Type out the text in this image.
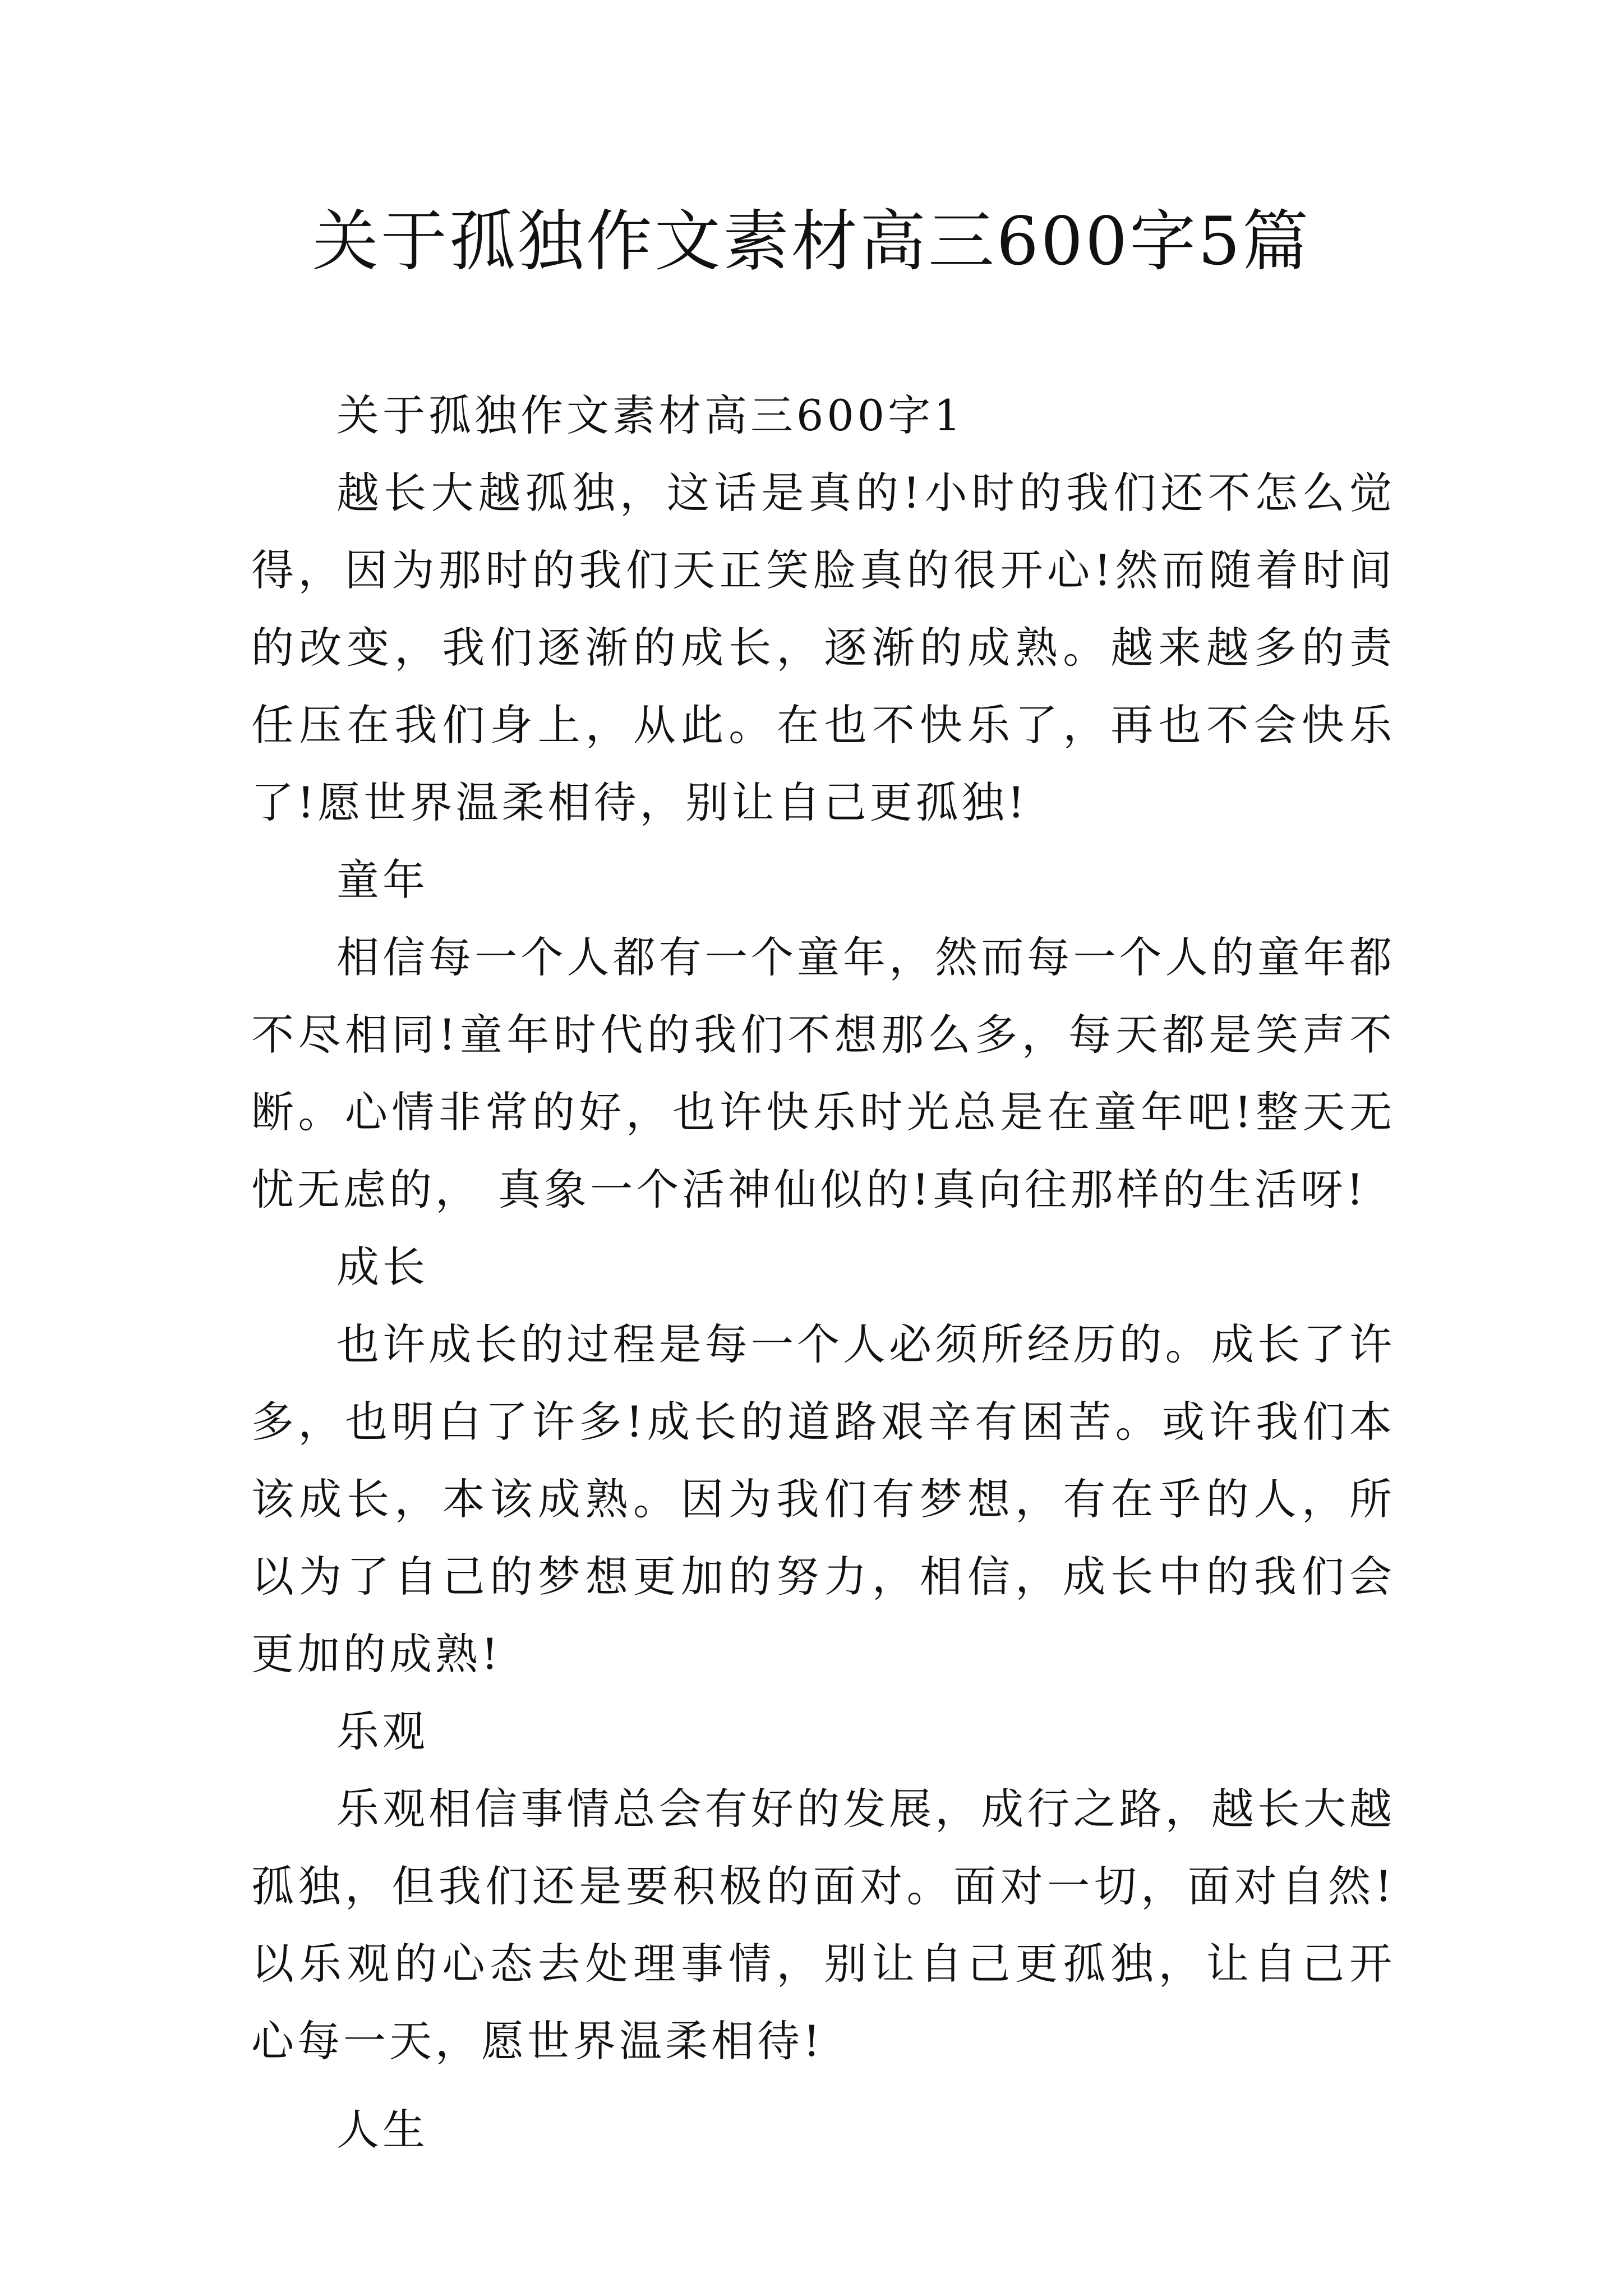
关于孤独作文素材高三600字5篇

关于孤独作文素材高三600字1

越长大越孤独，这话是真的!小时的我们还不怎么觉得，因为那时的我们天正笑脸真的很开心!然而随着时间的改变，我们逐渐的成长，逐渐的成熟。越来越多的责任压在我们身上，从此。在也不快乐了，再也不会快乐了!愿世界温柔相待，别让自己更孤独!

童年

相信每一个人都有一个童年，然而每一个人的童年都不尽相同!童年时代的我们不想那么多，每天都是笑声不断。心情非常的好，也许快乐时光总是在童年吧!整天无忧无虑的， 真象一个活神仙似的!真向往那样的生活呀!

成长

也许成长的过程是每一个人必须所经历的。成长了许多，也明白了许多!成长的道路艰辛有困苦。或许我们本该成长，本该成熟。因为我们有梦想，有在乎的人，所以为了自己的梦想更加的努力，相信，成长中的我们会更加的成熟!

乐观

乐观相信事情总会有好的发展，成行之路，越长大越孤独，但我们还是要积极的面对。面对一切，面对自然!以乐观的心态去处理事情，别让自己更孤独，让自己开心每一天，愿世界温柔相待!

人生
